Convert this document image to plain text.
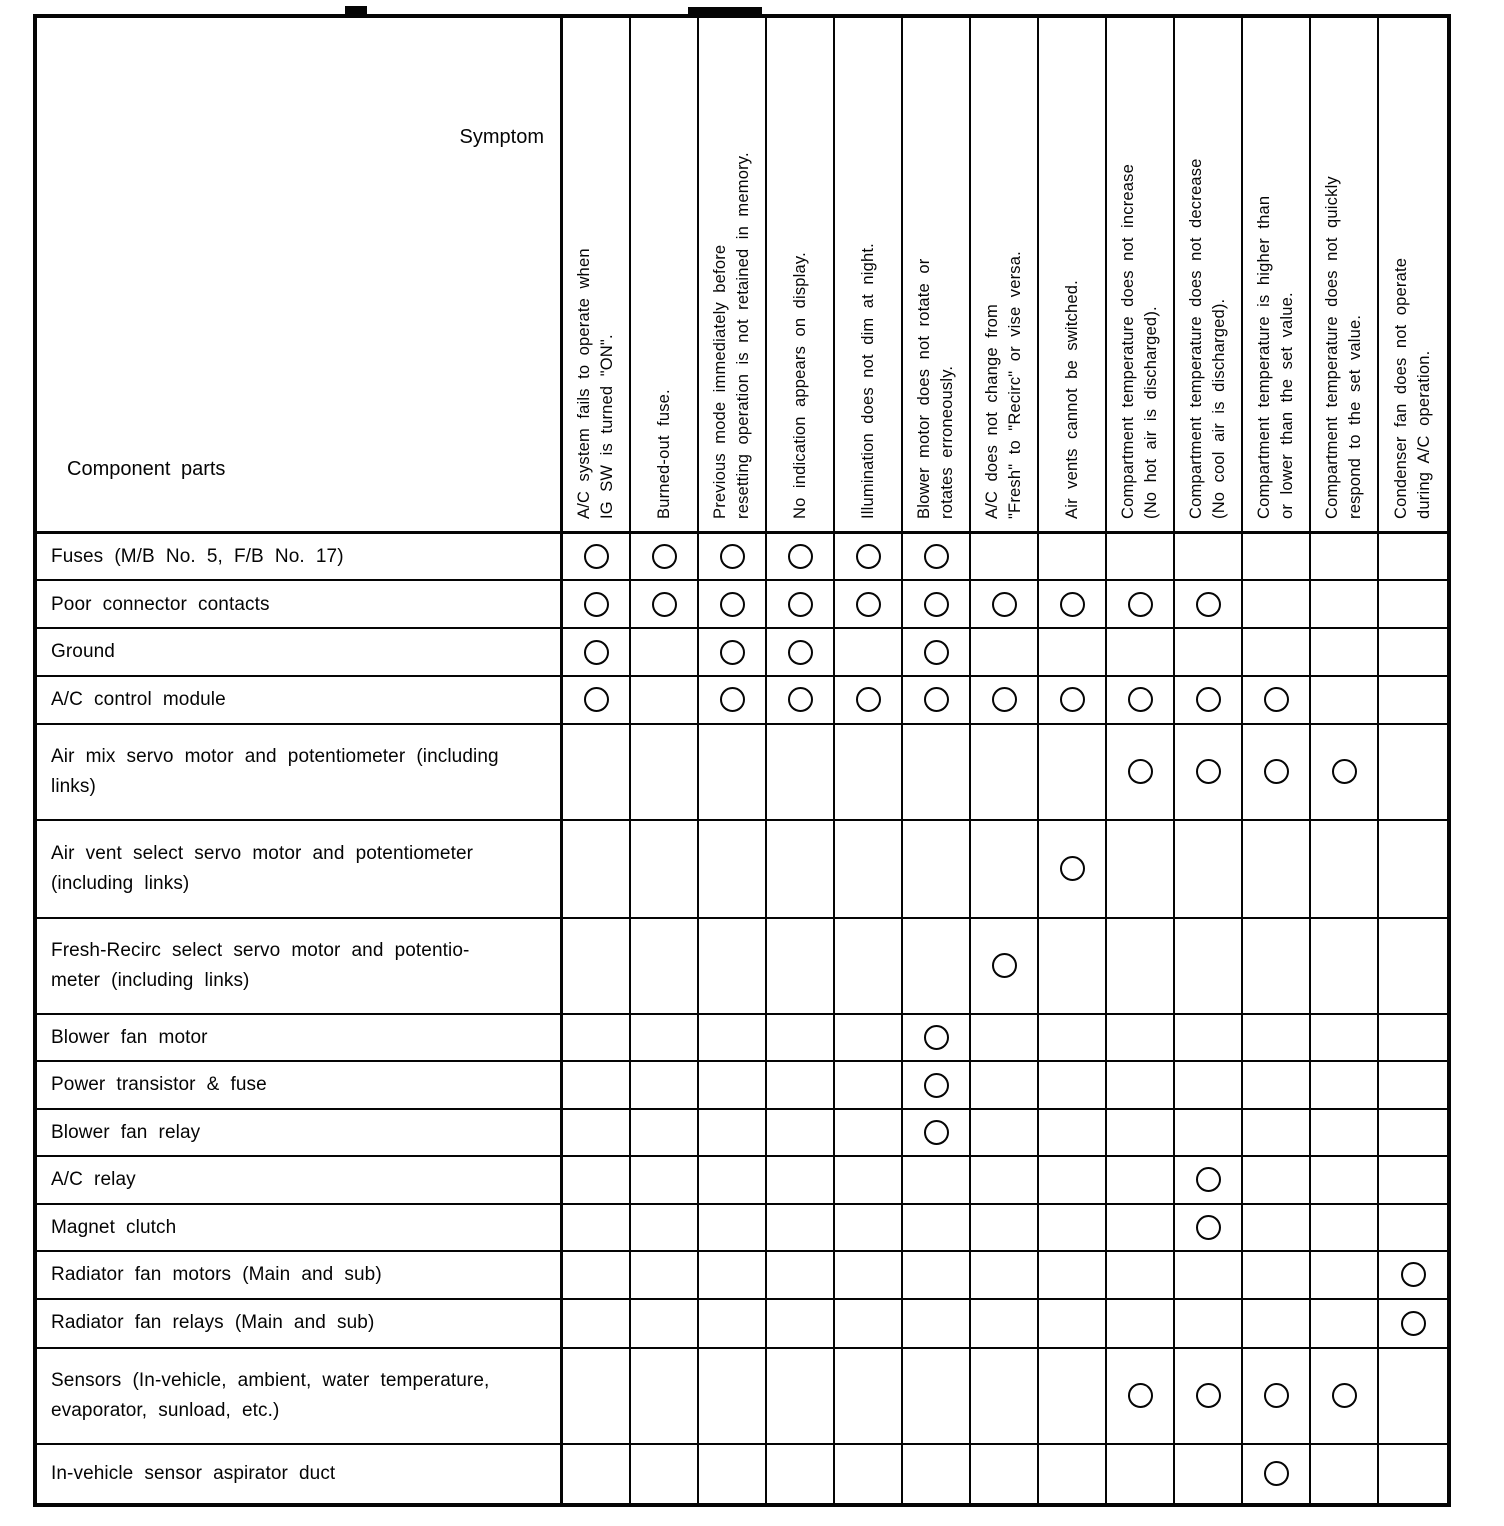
Symptom
Component parts
A/C system fails to operate when
IG SW is turned "ON".
Burned-out fuse. Previous mode immediately before
resetting operation is not retained in memory.
No indication appears on display.	Illumination does not dim at night. Blower motor does not rotate or
rotates erroneously.
A/C does not change from
"Fresh" to "Recirc" or vise versa.
Air vents cannot be switched. Compartment temperature does not increase
(No hot air is discharged).
Compartment temperature does not decrease
(No cool air is discharged).
Compartment temperature is higher than
or lower than the set value.
Compartment temperature does not quickly
respond to the set value.
Condenser fan does not operate
during A/C operation.
Fuses (M/B No. 5, F/B No. 17)
Poor connector contacts
Ground
A/C control module
Air mix servo motor and potentiometer (including
links)
Air vent select servo motor and potentiometer
(including links)
Fresh-Recirc select servo motor and potentio-
meter (including links)
Blower fan motor
Power transistor & fuse
Blower fan relay
A/C relay
Magnet clutch
Radiator fan motors (Main and sub)
Radiator fan relays (Main and sub)
Sensors (In-vehicle, ambient, water temperature,
evaporator, sunload, etc.)
In-vehicle sensor aspirator duct
